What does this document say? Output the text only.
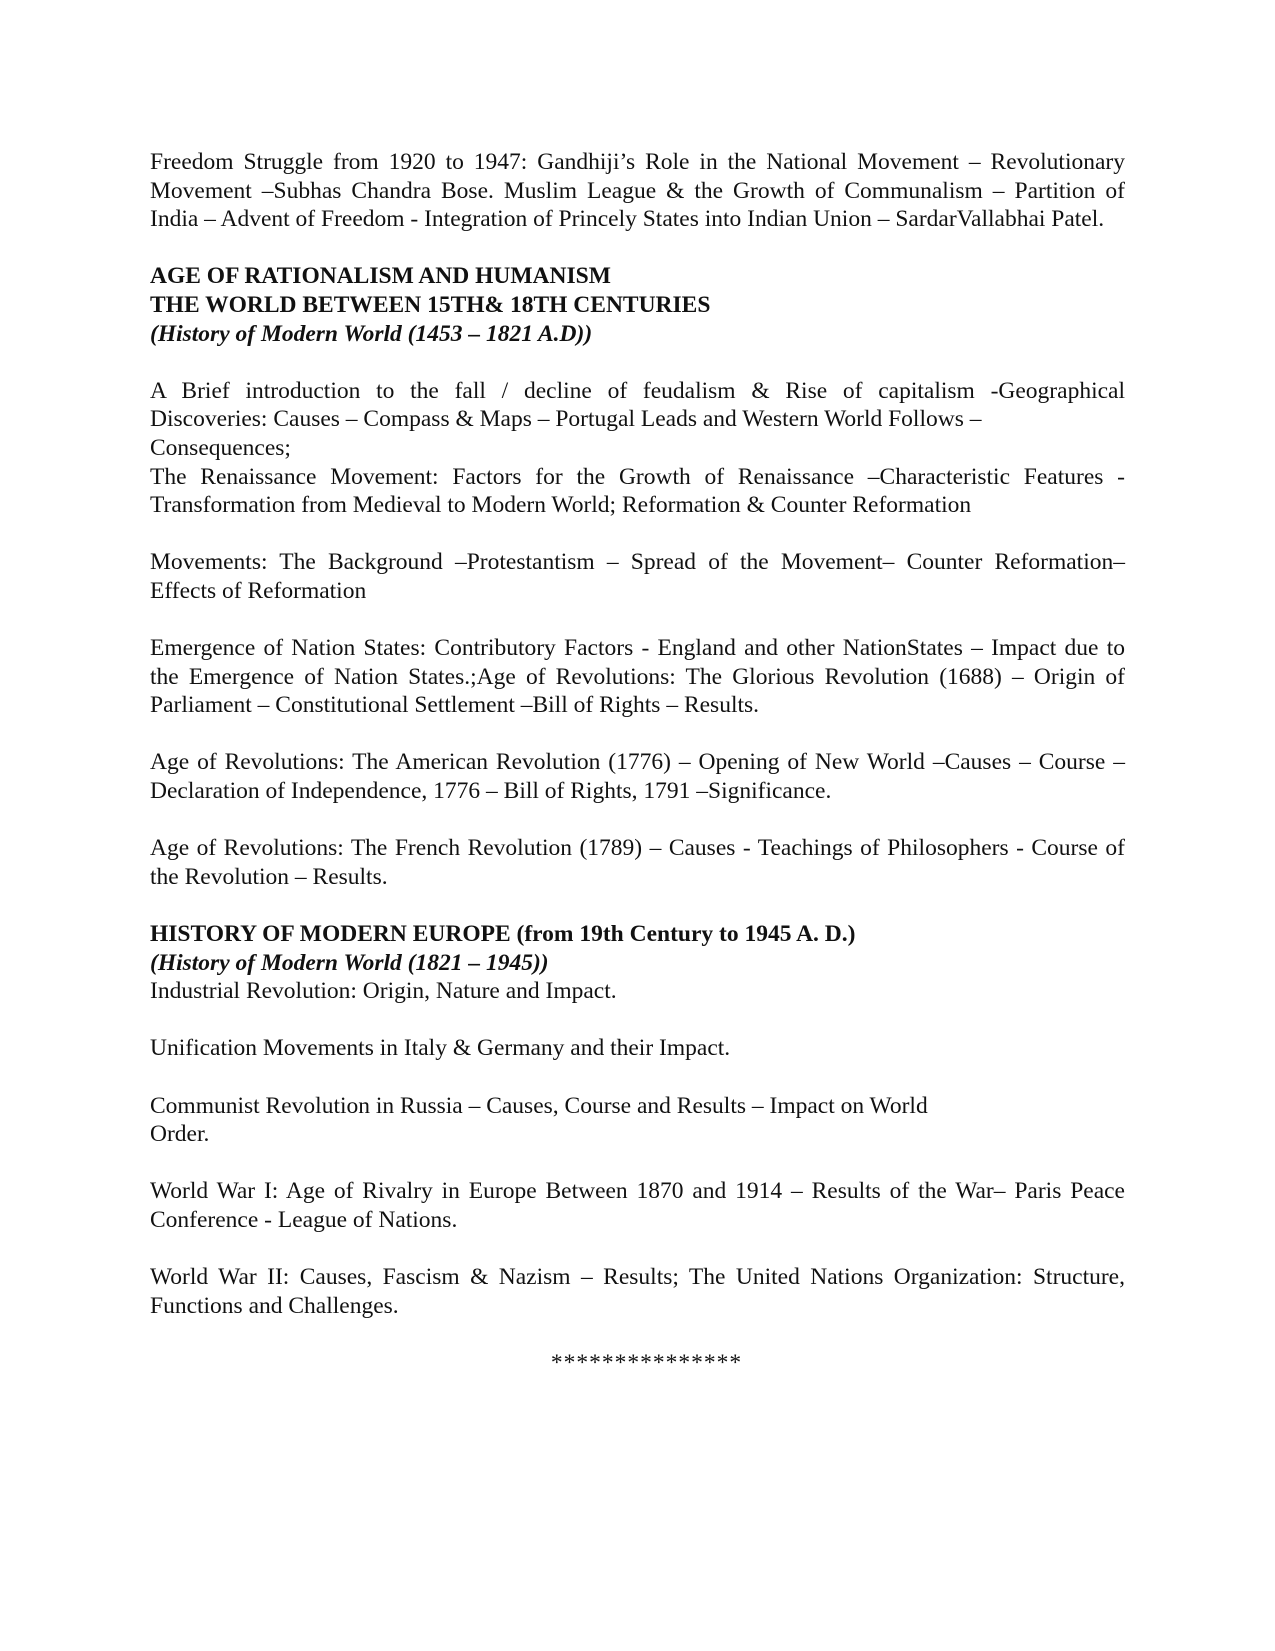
Freedom Struggle from 1920 to 1947: Gandhiji’s Role in the National Movement – Revolutionary Movement –Subhas Chandra Bose. Muslim League & the Growth of Communalism – Partition of India – Advent of Freedom - Integration of Princely States into Indian Union – SardarVallabhai Patel.

AGE OF RATIONALISM AND HUMANISM

THE WORLD BETWEEN 15TH& 18TH CENTURIES

(History of Modern World (1453 – 1821 A.D))

A Brief introduction to the fall / decline of feudalism & Rise of capitalism -Geographical
Discoveries: Causes – Compass & Maps – Portugal Leads and Western World Follows –
Consequences;

The Renaissance Movement: Factors for the Growth of Renaissance –Characteristic Features - Transformation from Medieval to Modern World; Reformation & Counter Reformation

Movements: The Background –Protestantism – Spread of the Movement– Counter Reformation– Effects of Reformation

Emergence of Nation States: Contributory Factors - England and other NationStates – Impact due to the Emergence of Nation States.;Age of Revolutions: The Glorious Revolution (1688) – Origin of Parliament – Constitutional Settlement –Bill of Rights – Results.

Age of Revolutions: The American Revolution (1776) – Opening of New World –Causes – Course – Declaration of Independence, 1776 – Bill of Rights, 1791 –Significance.

Age of Revolutions: The French Revolution (1789) – Causes - Teachings of Philosophers - Course of the Revolution – Results.

HISTORY OF MODERN EUROPE (from 19th Century to 1945 A. D.)

(History of Modern World (1821 – 1945))

Industrial Revolution: Origin, Nature and Impact.

Unification Movements in Italy & Germany and their Impact.

Communist Revolution in Russia – Causes, Course and Results – Impact on World
Order.

World War I: Age of Rivalry in Europe Between 1870 and 1914 – Results of the War– Paris Peace Conference - League of Nations.

World War II: Causes, Fascism & Nazism – Results; The United Nations Organization: Structure, Functions and Challenges.

***************
